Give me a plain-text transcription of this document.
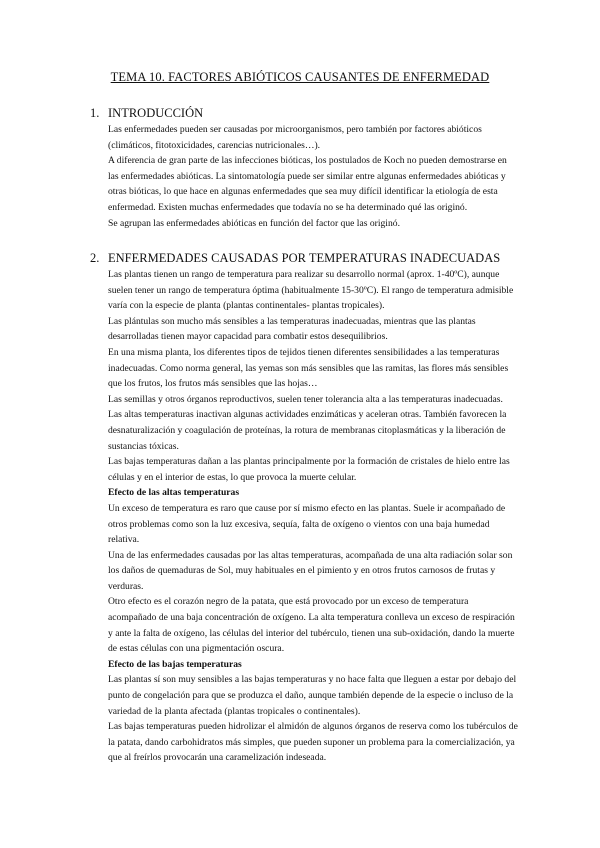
TEMA 10. FACTORES ABIÓTICOS CAUSANTES DE ENFERMEDAD
1. INTRODUCCIÓN

Las enfermedades pueden ser causadas por microorganismos, pero también por factores abióticos (climáticos, fitotoxicidades, carencias nutricionales…).

A diferencia de gran parte de las infecciones bióticas, los postulados de Koch no pueden demostrarse en las enfermedades abióticas. La sintomatología puede ser similar entre algunas enfermedades abióticas y otras bióticas, lo que hace en algunas enfermedades que sea muy difícil identificar la etiología de esta enfermedad. Existen muchas enfermedades que todavía no se ha determinado qué las originó.

Se agrupan las enfermedades abióticas en función del factor que las originó.

2. ENFERMEDADES CAUSADAS POR TEMPERATURAS INADECUADAS

Las plantas tienen un rango de temperatura para realizar su desarrollo normal (aprox. 1-40ºC), aunque suelen tener un rango de temperatura óptima (habitualmente 15-30ºC). El rango de temperatura admisible varía con la especie de planta (plantas continentales- plantas tropicales).

Las plántulas son mucho más sensibles a las temperaturas inadecuadas, mientras que las plantas desarrolladas tienen mayor capacidad para combatir estos desequilibrios.

En una misma planta, los diferentes tipos de tejidos tienen diferentes sensibilidades a las temperaturas inadecuadas. Como norma general, las yemas son más sensibles que las ramitas, las flores más sensibles que los frutos, los frutos más sensibles que las hojas…

Las semillas y otros órganos reproductivos, suelen tener tolerancia alta a las temperaturas inadecuadas.

Las altas temperaturas inactivan algunas actividades enzimáticas y aceleran otras. También favorecen la desnaturalización y coagulación de proteínas, la rotura de membranas citoplasmáticas y la liberación de sustancias tóxicas.

Las bajas temperaturas dañan a las plantas principalmente por la formación de cristales de hielo entre las células y en el interior de estas, lo que provoca la muerte celular.

Efecto de las altas temperaturas

Un exceso de temperatura es raro que cause por sí mismo efecto en las plantas. Suele ir acompañado de otros problemas como son la luz excesiva, sequía, falta de oxígeno o vientos con una baja humedad relativa.

Una de las enfermedades causadas por las altas temperaturas, acompañada de una alta radiación solar son los daños de quemaduras de Sol, muy habituales en el pimiento y en otros frutos carnosos de frutas y verduras.

Otro efecto es el corazón negro de la patata, que está provocado por un exceso de temperatura acompañado de una baja concentración de oxígeno. La alta temperatura conlleva un exceso de respiración y ante la falta de oxígeno, las células del interior del tubérculo, tienen una sub-oxidación, dando la muerte de estas células con una pigmentación oscura.

Efecto de las bajas temperaturas

Las plantas sí son muy sensibles a las bajas temperaturas y no hace falta que lleguen a estar por debajo del punto de congelación para que se produzca el daño, aunque también depende de la especie o incluso de la variedad de la planta afectada (plantas tropicales o continentales).

Las bajas temperaturas pueden hidrolizar el almidón de algunos órganos de reserva como los tubérculos de la patata, dando carbohidratos más simples, que pueden suponer un problema para la comercialización, ya que al freírlos provocarán una caramelización indeseada.
